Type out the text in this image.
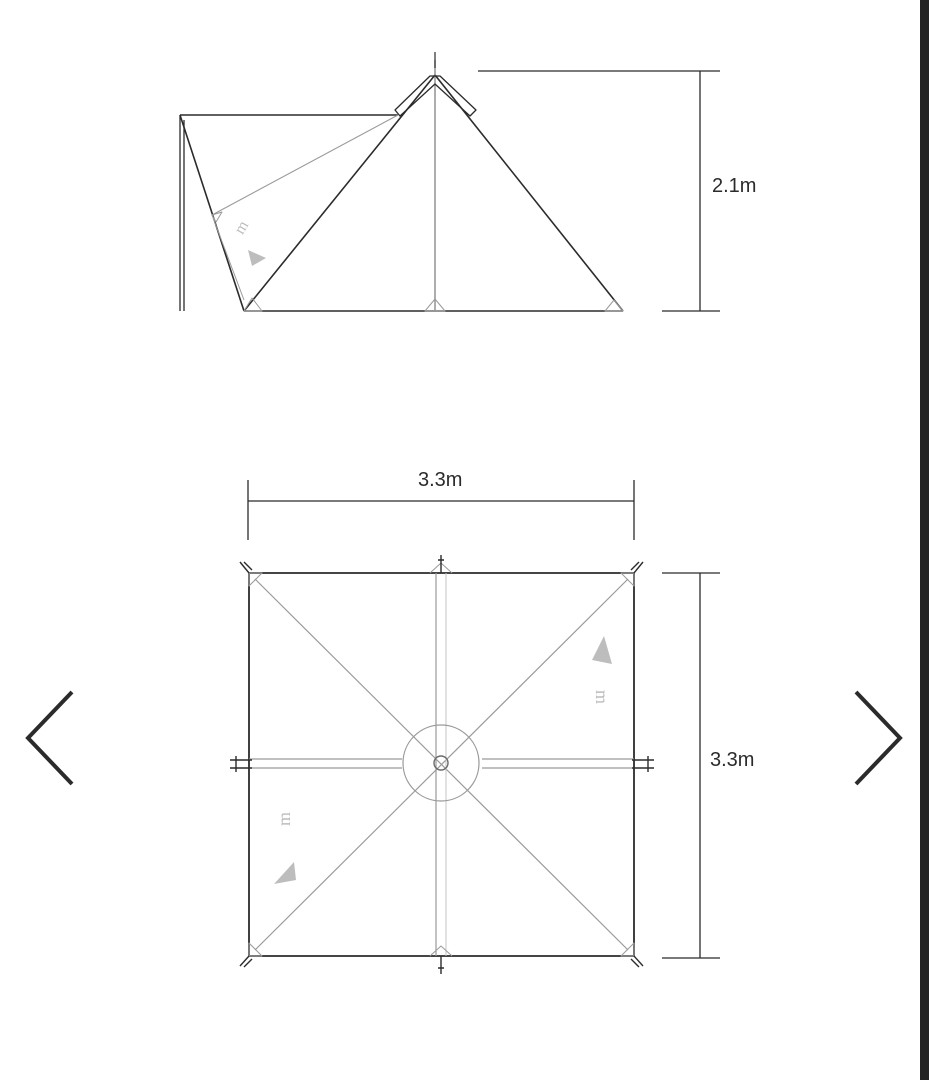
m
m
m
2.1m
3.3m
3.3m
